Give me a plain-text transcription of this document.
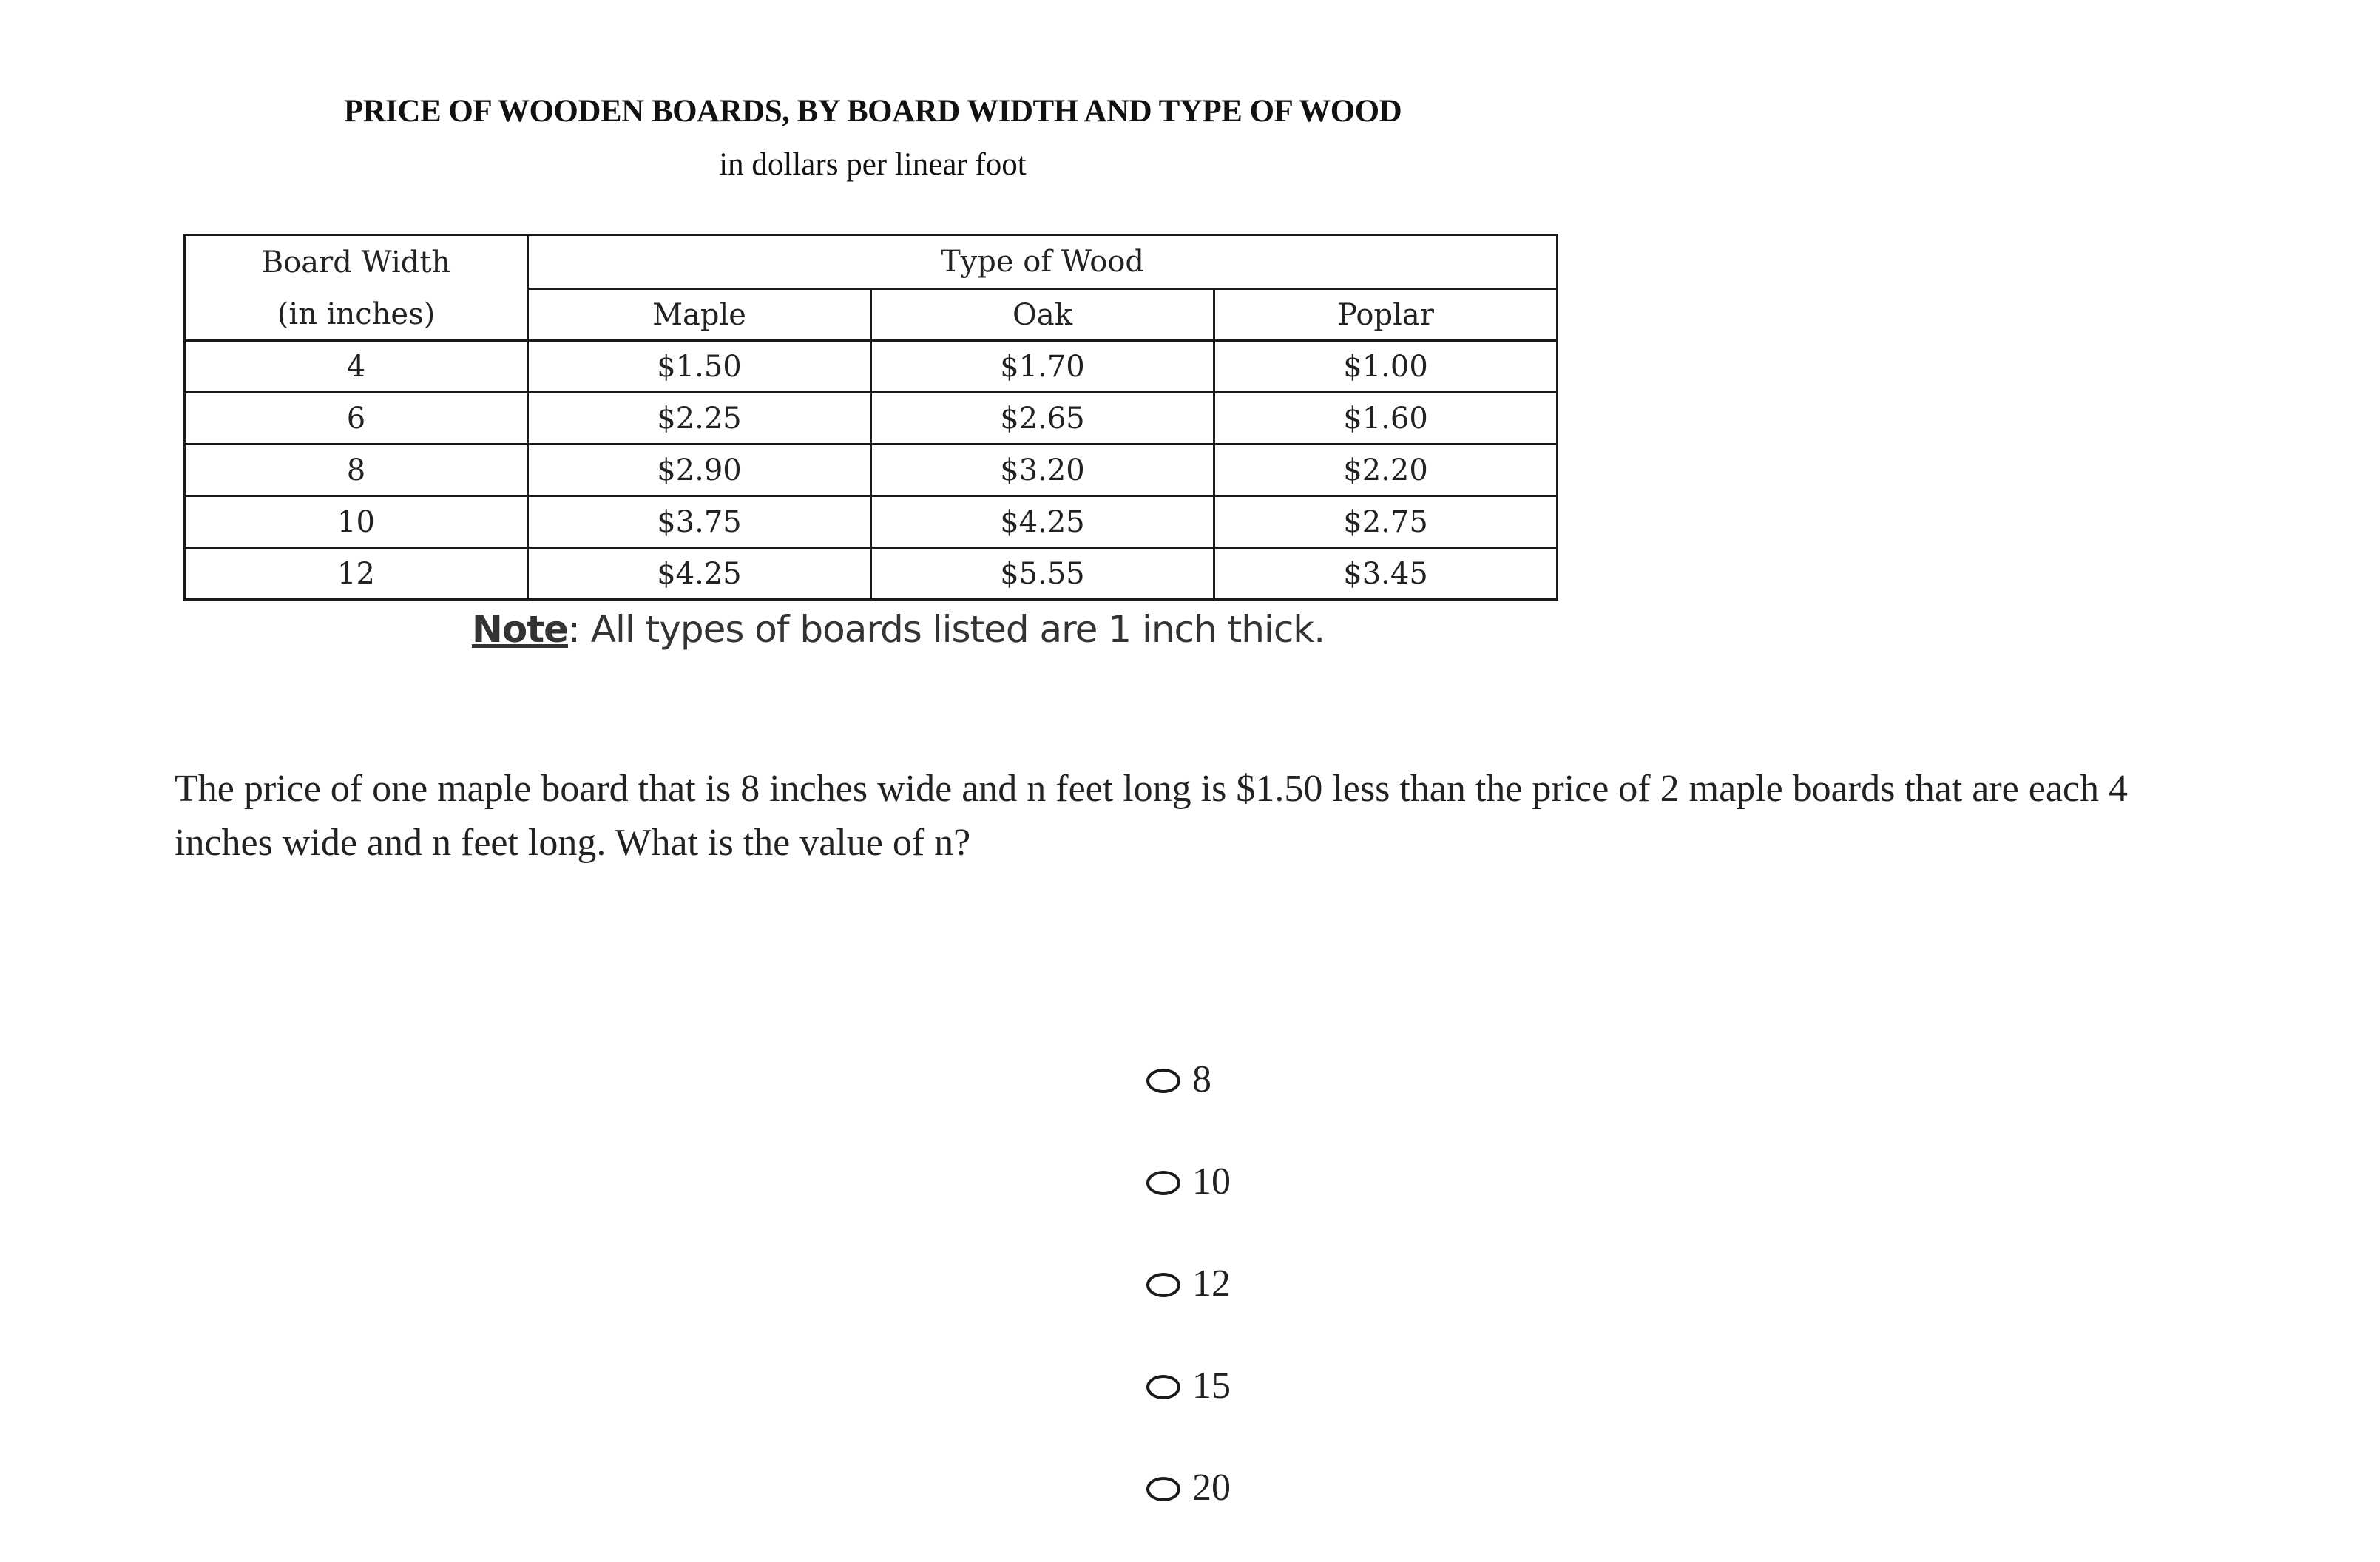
PRICE OF WOODEN BOARDS, BY BOARD WIDTH AND TYPE OF WOOD
in dollars per linear foot
Board Width	Type of Wood		
(in inches)	Maple	Oak	Poplar
4	$1.50	$1.70	$1.00
6	$2.25	$2.65	$1.60
8	$2.90	$3.20	$2.20
10	$3.75	$4.25	$2.75
12	$4.25	$5.55	$3.45
Note: All types of boards listed are 1 inch thick.
The price of one maple board that is 8 inches wide and n feet long is $1.50 less than the price of 2 maple boards that are each 4 inches wide and n feet long. What is the value of n?
8
10
12
15
20
